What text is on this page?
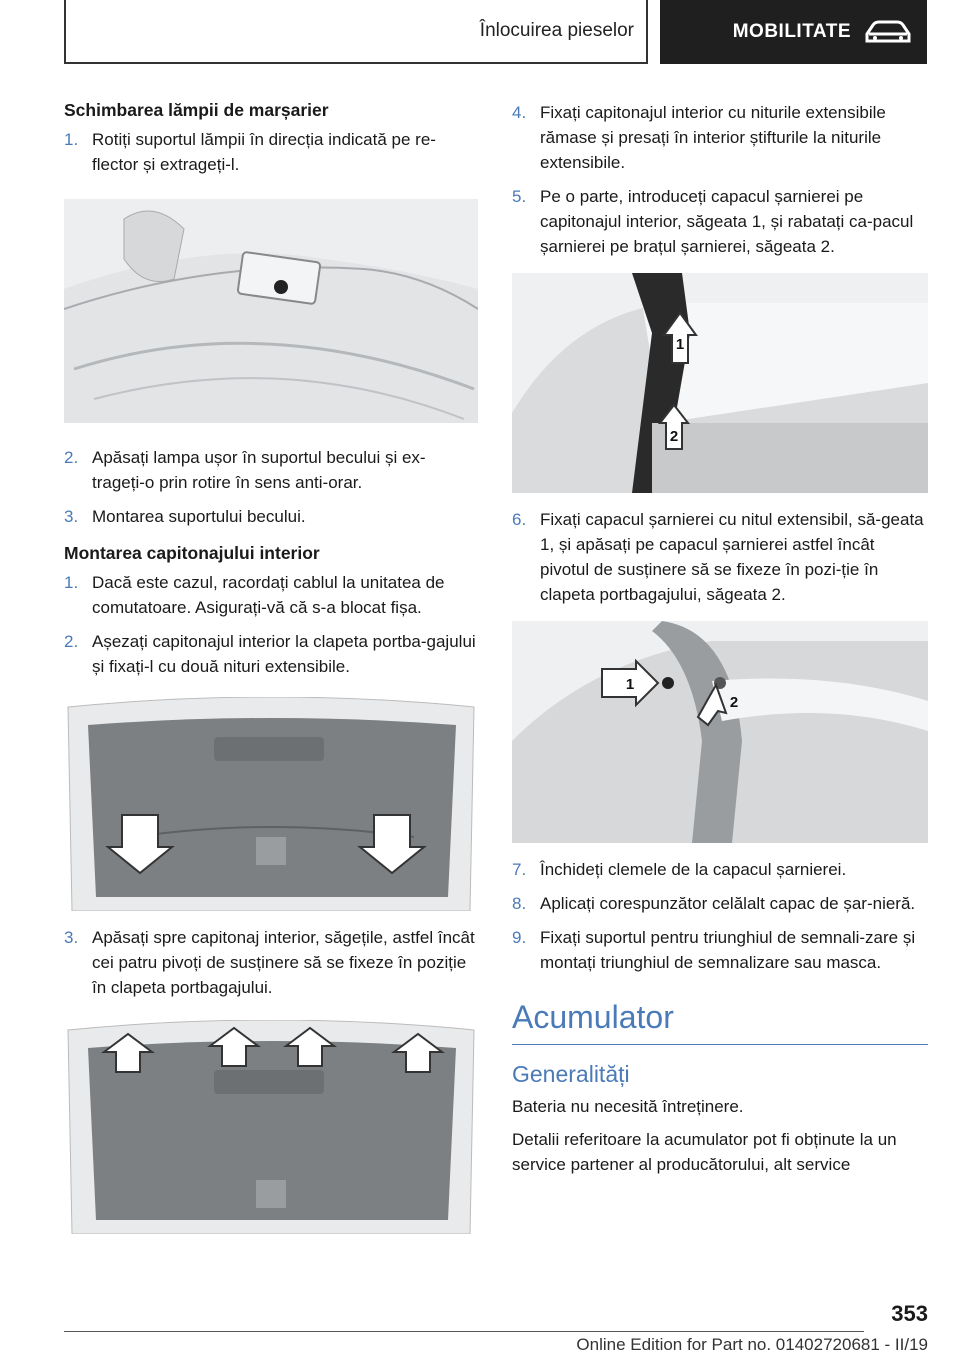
Înlocuirea pieselor	MOBILITATE
Schimbarea lămpii de marșarier
1. Rotiți suportul lămpii în direcția indicată pe re-flector și extrageți-l.
2. Apăsați lampa ușor în suportul becului și ex-trageți-o prin rotire în sens anti-orar.
3. Montarea suportului becului.
Montarea capitonajului interior
1. Dacă este cazul, racordați cablul la unitatea de comutatoare. Asigurați-vă că s-a blocat fișa.
2. Așezați capitonajul interior la clapeta portba-gajului și fixați-l cu două nituri extensibile.
3. Apăsați spre capitonaj interior, săgețile, astfel încât cei patru pivoți de susținere să se fixeze în poziție în clapeta portbagajului.
4. Fixați capitonajul interior cu niturile extensibile rămase și presați în interior știfturile la niturile extensibile.
5. Pe o parte, introduceți capacul șarnierei pe capitonajul interior, săgeata 1, și rabatați ca-pacul șarnierei pe brațul șarnierei, săgeata 2.
1
2
6. Fixați capacul șarnierei cu nitul extensibil, să-geata 1, și apăsați pe capacul șarnierei astfel încât pivotul de susținere să se fixeze în pozi-ție în clapeta portbagajului, săgeata 2.
1
2
7. Închideți clemele de la capacul șarnierei.
8. Aplicați corespunzător celălalt capac de șar-nieră.
9. Fixați suportul pentru triunghiul de semnali-zare și montați triunghiul de semnalizare sau masca.
Acumulator
Generalități

Bateria nu necesită întreținere.

Detalii referitoare la acumulator pot fi obținute la un service partener al producătorului, alt service

353
Online Edition for Part no. 01402720681 - II/19
